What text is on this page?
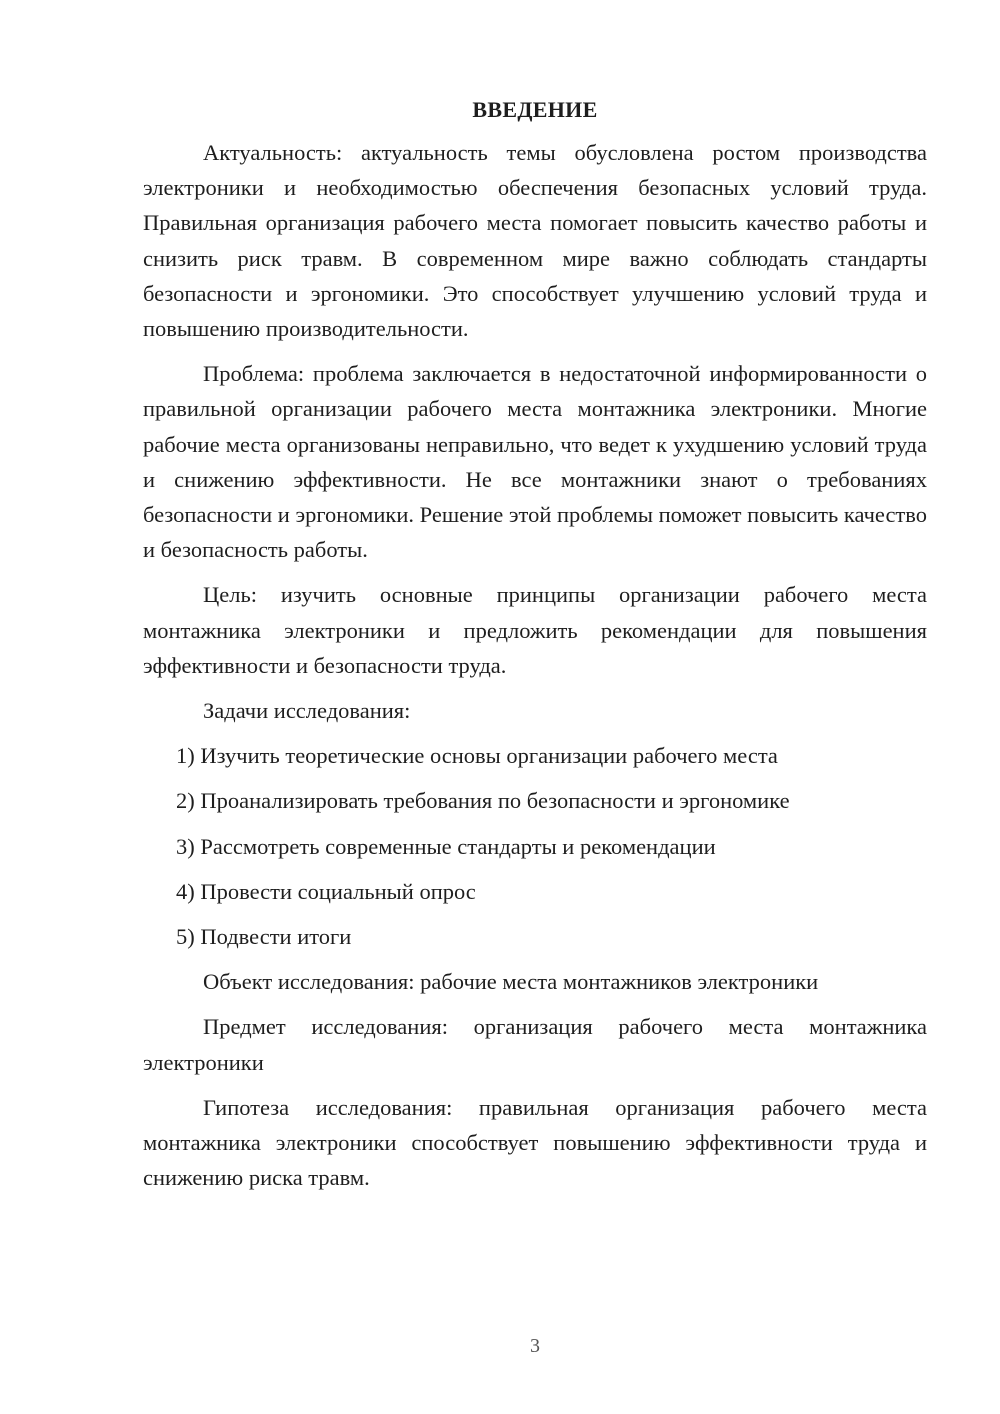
ВВЕДЕНИЕ

Актуальность: актуальность темы обусловлена ростом производства электроники и необходимостью обеспечения безопасных условий труда. Правильная организация рабочего места помогает повысить качество работы и снизить риск травм. В современном мире важно соблюдать стандарты безопасности и эргономики. Это способствует улучшению условий труда и повышению производительности.

Проблема: проблема заключается в недостаточной информированности о правильной организации рабочего места монтажника электроники. Многие рабочие места организованы неправильно, что ведет к ухудшению условий труда и снижению эффективности. Не все монтажники знают о требованиях безопасности и эргономики. Решение этой проблемы поможет повысить качество и безопасность работы.

Цель: изучить основные принципы организации рабочего места монтажника электроники и предложить рекомендации для повышения эффективности и безопасности труда.

Задачи исследования:

1) Изучить теоретические основы организации рабочего места
2) Проанализировать требования по безопасности и эргономике
3) Рассмотреть современные стандарты и рекомендации
4) Провести социальный опрос
5) Подвести итоги

Объект исследования: рабочие места монтажников электроники

Предмет исследования: организация рабочего места монтажника электроники

Гипотеза исследования: правильная организация рабочего места монтажника электроники способствует повышению эффективности труда и снижению риска травм.

3
